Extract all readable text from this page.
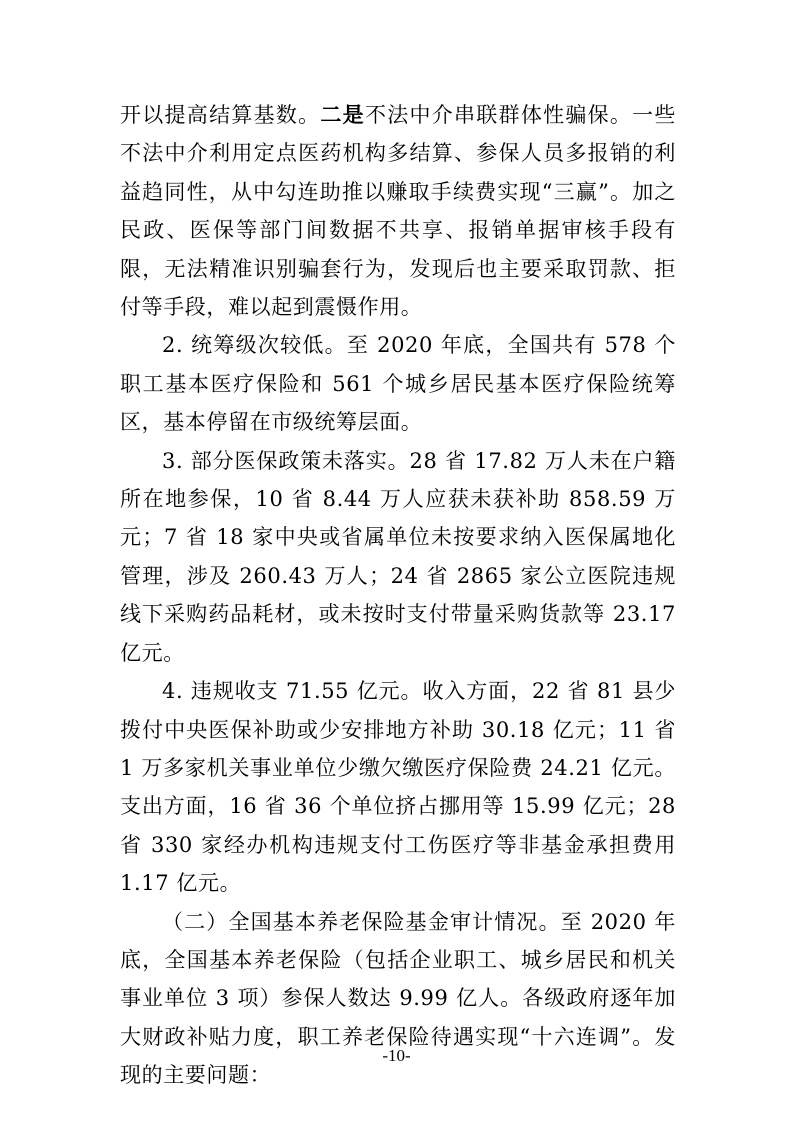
开以提高结算基数。二是不法中介串联群体性骗保。一些不法中介利用定点医药机构多结算、参保人员多报销的利益趋同性，从中勾连助推以赚取手续费实现“三赢”。加之民政、医保等部门间数据不共享、报销单据审核手段有限，无法精准识别骗套行为，发现后也主要采取罚款、拒付等手段，难以起到震慑作用。

2. 统筹级次较低。至 2020 年底，全国共有 578 个职工基本医疗保险和 561 个城乡居民基本医疗保险统筹区，基本停留在市级统筹层面。

3. 部分医保政策未落实。28 省 17.82 万人未在户籍所在地参保，10 省 8.44 万人应获未获补助 858.59 万元；7 省 18 家中央或省属单位未按要求纳入医保属地化管理，涉及 260.43 万人；24 省 2865 家公立医院违规线下采购药品耗材，或未按时支付带量采购货款等 23.17 亿元。

4. 违规收支 71.55 亿元。收入方面，22 省 81 县少拨付中央医保补助或少安排地方补助 30.18 亿元；11 省 1 万多家机关事业单位少缴欠缴医疗保险费 24.21 亿元。支出方面，16 省 36 个单位挤占挪用等 15.99 亿元；28 省 330 家经办机构违规支付工伤医疗等非基金承担费用 1.17 亿元。

（二）全国基本养老保险基金审计情况。至 2020 年底，全国基本养老保险（包括企业职工、城乡居民和机关事业单位 3 项）参保人数达 9.99 亿人。各级政府逐年加大财政补贴力度，职工养老保险待遇实现“十六连调”。发现的主要问题：

-10-
